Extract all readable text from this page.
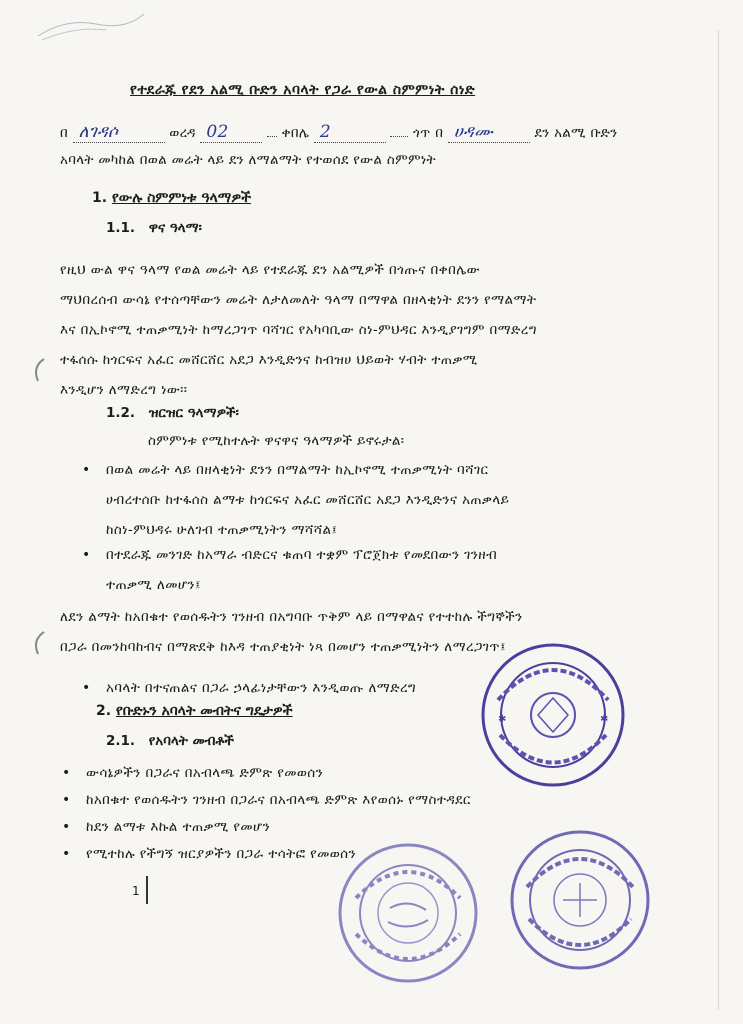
የተደራጁ የደን አልሚ ቡድን አባላት የጋራ የውል ስምምነት ሰነድ
በ ለገዳሶ	ወረዳ 02	ቀበሌ 2	ጎጥ በ ሀዳሙ	ደን አልሚ ቡድን
አባላት መካከል በወል መሬት ላይ ደን ለማልማት የተወሰደ የውል ስምምነት
1. የውሉ ስምምነቱ ዓላማዎች
1.1. ዋና ዓላማ፡
የዚህ ውል ዋና ዓላማ የወል መሬት ላይ የተደራጁ ደን አልሚዎች በጎጡና በቀበሌው
ማህበረሰብ ውሳኔ የተሰጣቸውን መሬት ለታለመለት ዓላማ በማዋል በዘላቂነት ደንን የማልማት
እና በኢኮኖሚ ተጠቃሚነት ከማረጋገጥ ባሻገር የአካባቢው ስነ-ምህዳር እንዲያገግም በማድረግ
ተፋሰሱ ከጎርፍና አፈር መሸርሸር አደጋ እንዲድንና ከብዝሀ ህይወት ሃብት ተጠቃሚ
እንዲሆን ለማድረግ ነው፡፡
1.2. ዝርዝር ዓላማዎች፡
ስምምነቱ የሚከተሉት ዋናዋና ዓላማዎች ይኖሩታል፡
• በወል መሬት ላይ በዘላቂነት ደንን በማልማት ከኢኮኖሚ ተጠቃሚነት ባሻገር
ሀብረተሰቡ ከተፋሰስ ልማቱ ከጎርፍና አፈር መሸርሸር አደጋ እንዲድንና አጠቃላይ
ከስነ-ምህዳሩ ሁለገብ ተጠቃሚነትን ማሻሻል፤
• በተደራጁ መንገድ ከአማራ ብድርና ቁጠባ ተቋም ፕሮጀክቱ የመደበውን ገንዘብ
ተጠቃሚ ለመሆን፤
ለደን ልማት ከአበቁተ የወሰዱትን ገንዘብ በአግባቡ ጥቅም ላይ በማዋልና የተተከሉ ችግኞችን
በጋራ በመንከባከብና በማጽደቅ ከእዳ ተጠያቂነት ነጻ በመሆን ተጠቃሚነትን ለማረጋገጥ፤
• አባላት በተናጠልና በጋራ ኃላፊነታቸውን እንዲወጡ ለማድረግ
2. የቡድኑን አባላት መብትና ግዴታዎች
2.1. የአባላት መብቶች
• ውሳኔዎችን በጋራና በአብላጫ ድምጽ የመወሰን
• ከአበቁተ የወሰዱትን ገንዘብ በጋራና በአብላጫ ድምጽ እየወሰኑ የማስተዳደር
• ከደን ልማቱ እኩል ተጠቃሚ የመሆን
• የሚተከሉ የችግኝ ዝርያዎችን በጋራ ተሳትፎ የመወሰን
1
✱	✱
